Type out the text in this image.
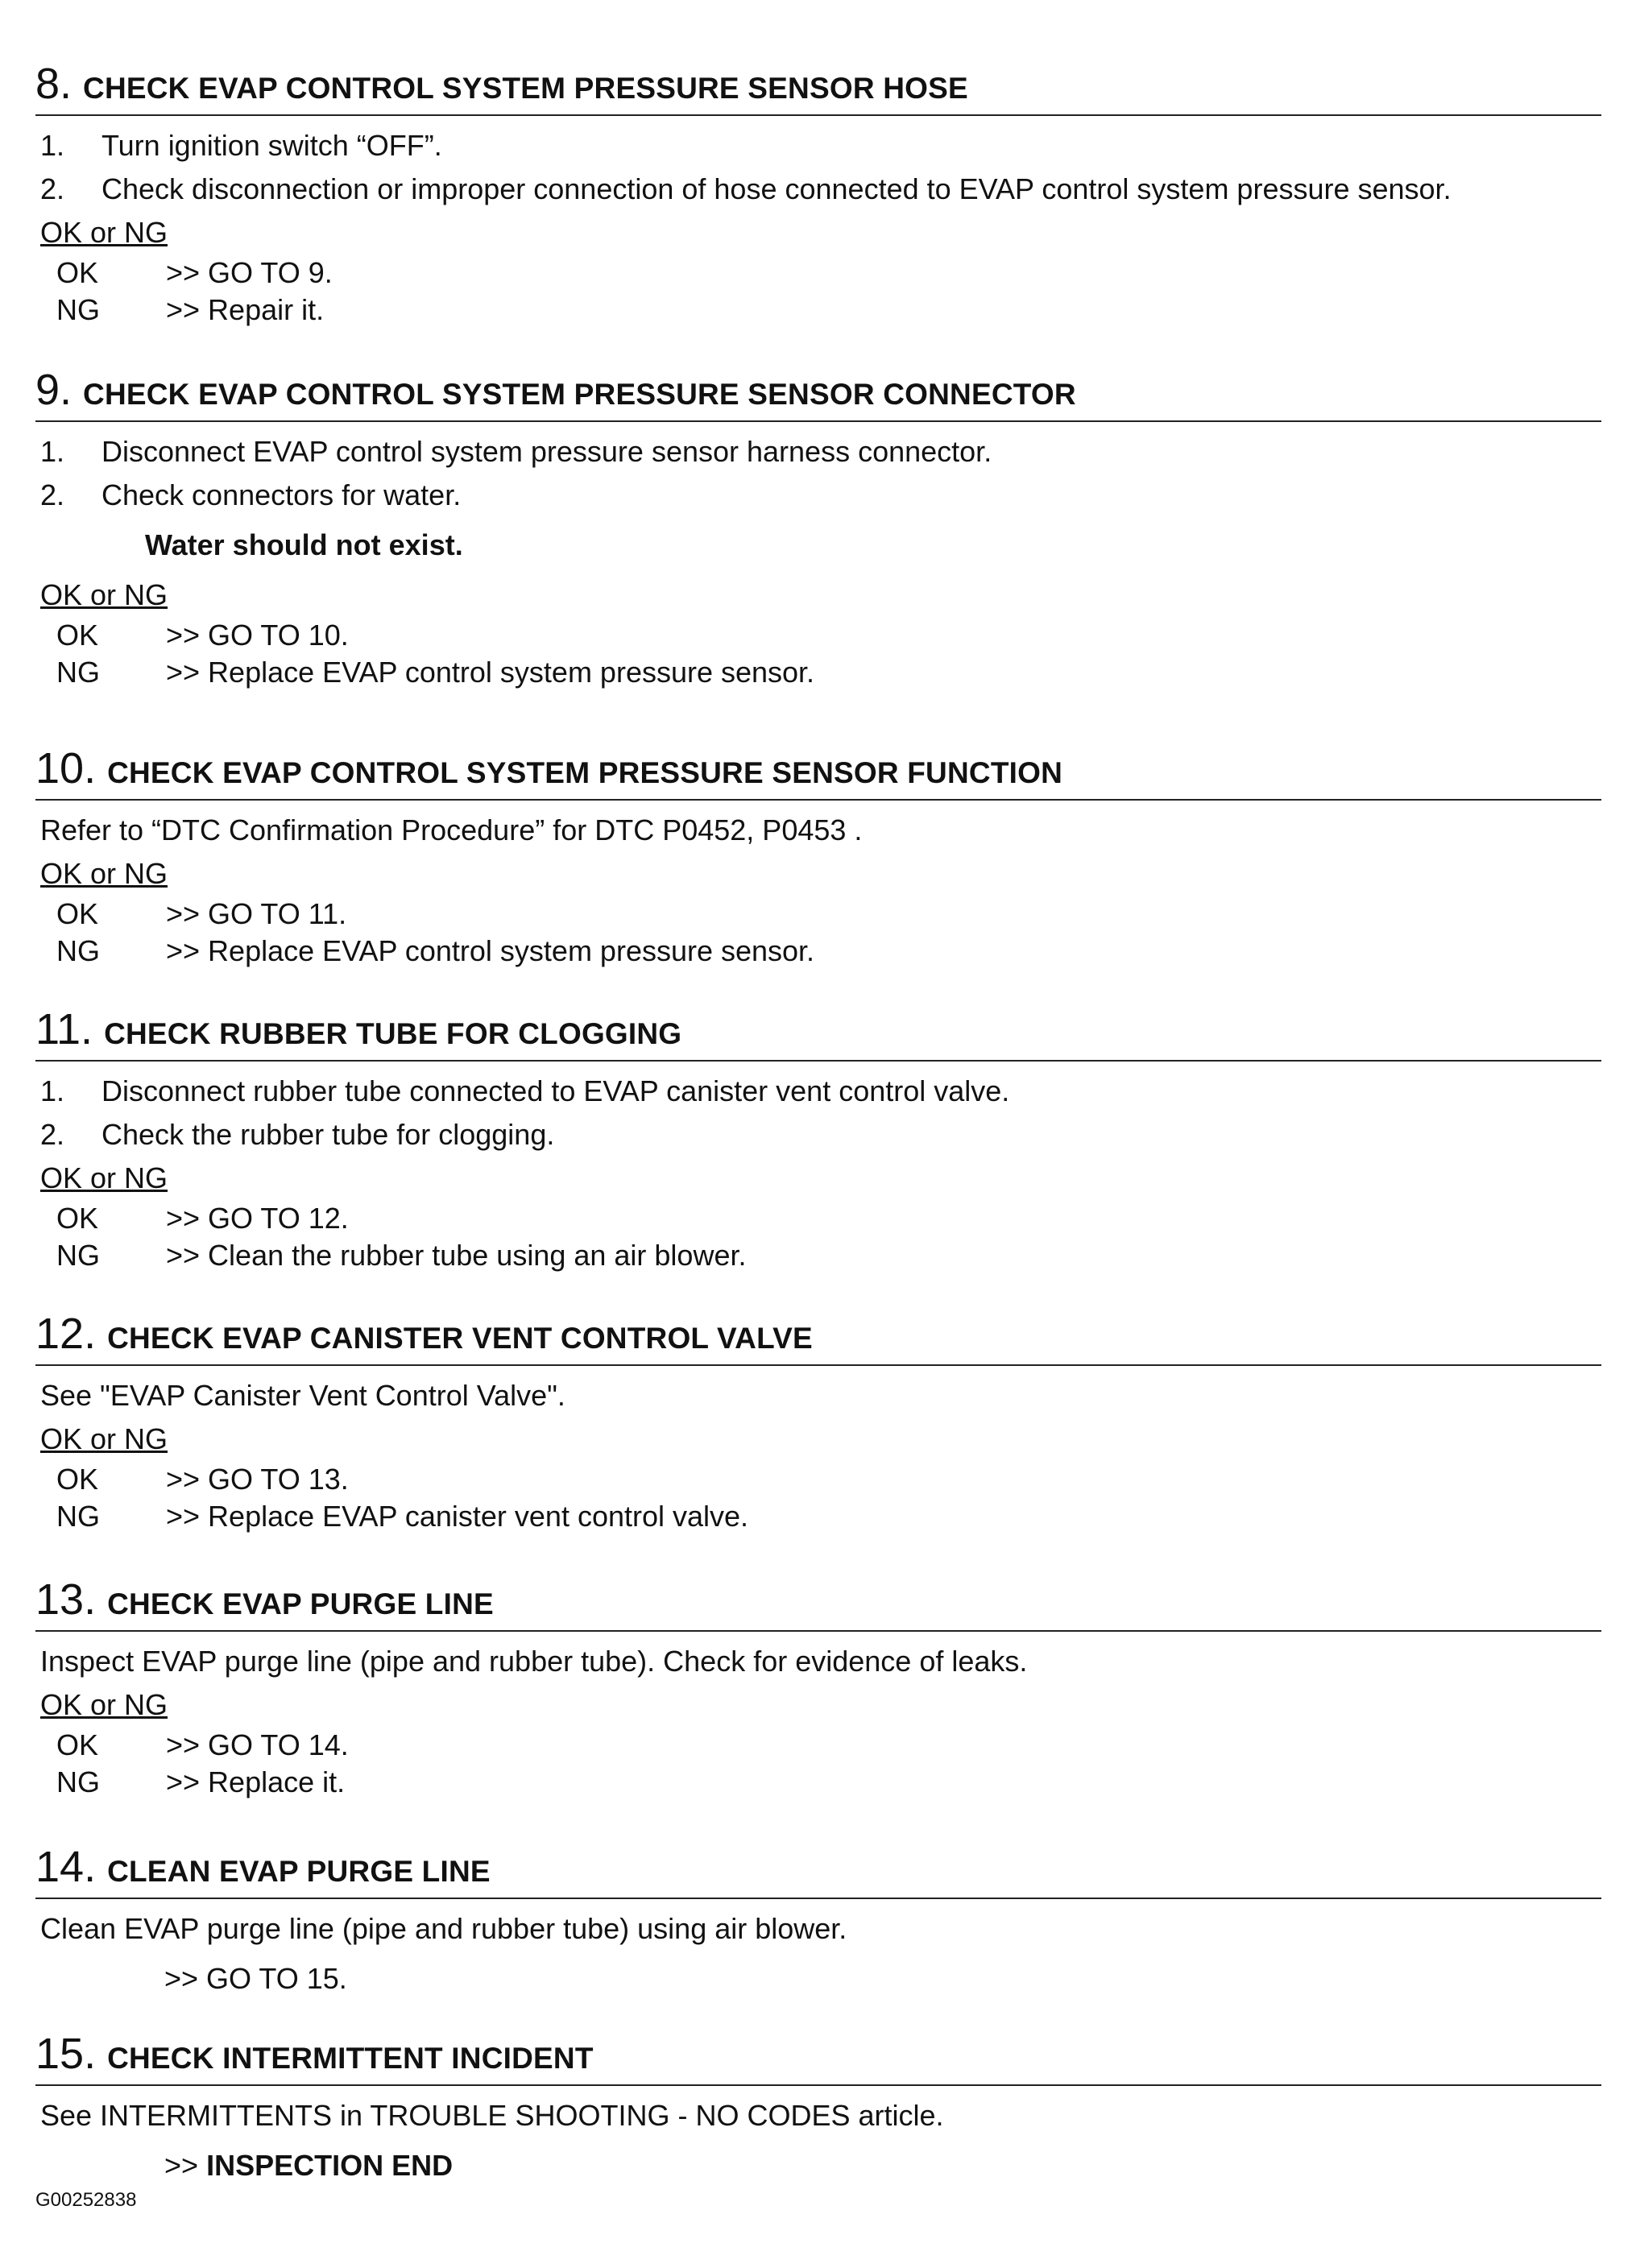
8. CHECK EVAP CONTROL SYSTEM PRESSURE SENSOR HOSE
1. Turn ignition switch “OFF”.
2. Check disconnection or improper connection of hose connected to EVAP control system pressure sensor.
OK or NG
OK >> GO TO 9.
NG >> Repair it.
9. CHECK EVAP CONTROL SYSTEM PRESSURE SENSOR CONNECTOR
1. Disconnect EVAP control system pressure sensor harness connector.
2. Check connectors for water.
Water should not exist.
OK or NG
OK >> GO TO 10.
NG >> Replace EVAP control system pressure sensor.
10. CHECK EVAP CONTROL SYSTEM PRESSURE SENSOR FUNCTION
Refer to “DTC Confirmation Procedure” for DTC P0452, P0453 .
OK or NG
OK >> GO TO 11.
NG >> Replace EVAP control system pressure sensor.
11. CHECK RUBBER TUBE FOR CLOGGING
1. Disconnect rubber tube connected to EVAP canister vent control valve.
2. Check the rubber tube for clogging.
OK or NG
OK >> GO TO 12.
NG >> Clean the rubber tube using an air blower.
12. CHECK EVAP CANISTER VENT CONTROL VALVE
See "EVAP Canister Vent Control Valve".
OK or NG
OK >> GO TO 13.
NG >> Replace EVAP canister vent control valve.
13. CHECK EVAP PURGE LINE
Inspect EVAP purge line (pipe and rubber tube). Check for evidence of leaks.
OK or NG
OK >> GO TO 14.
NG >> Replace it.
14. CLEAN EVAP PURGE LINE
Clean EVAP purge line (pipe and rubber tube) using air blower.
>> GO TO 15.
15. CHECK INTERMITTENT INCIDENT
See INTERMITTENTS in TROUBLE SHOOTING - NO CODES article.
>> INSPECTION END
G00252838
